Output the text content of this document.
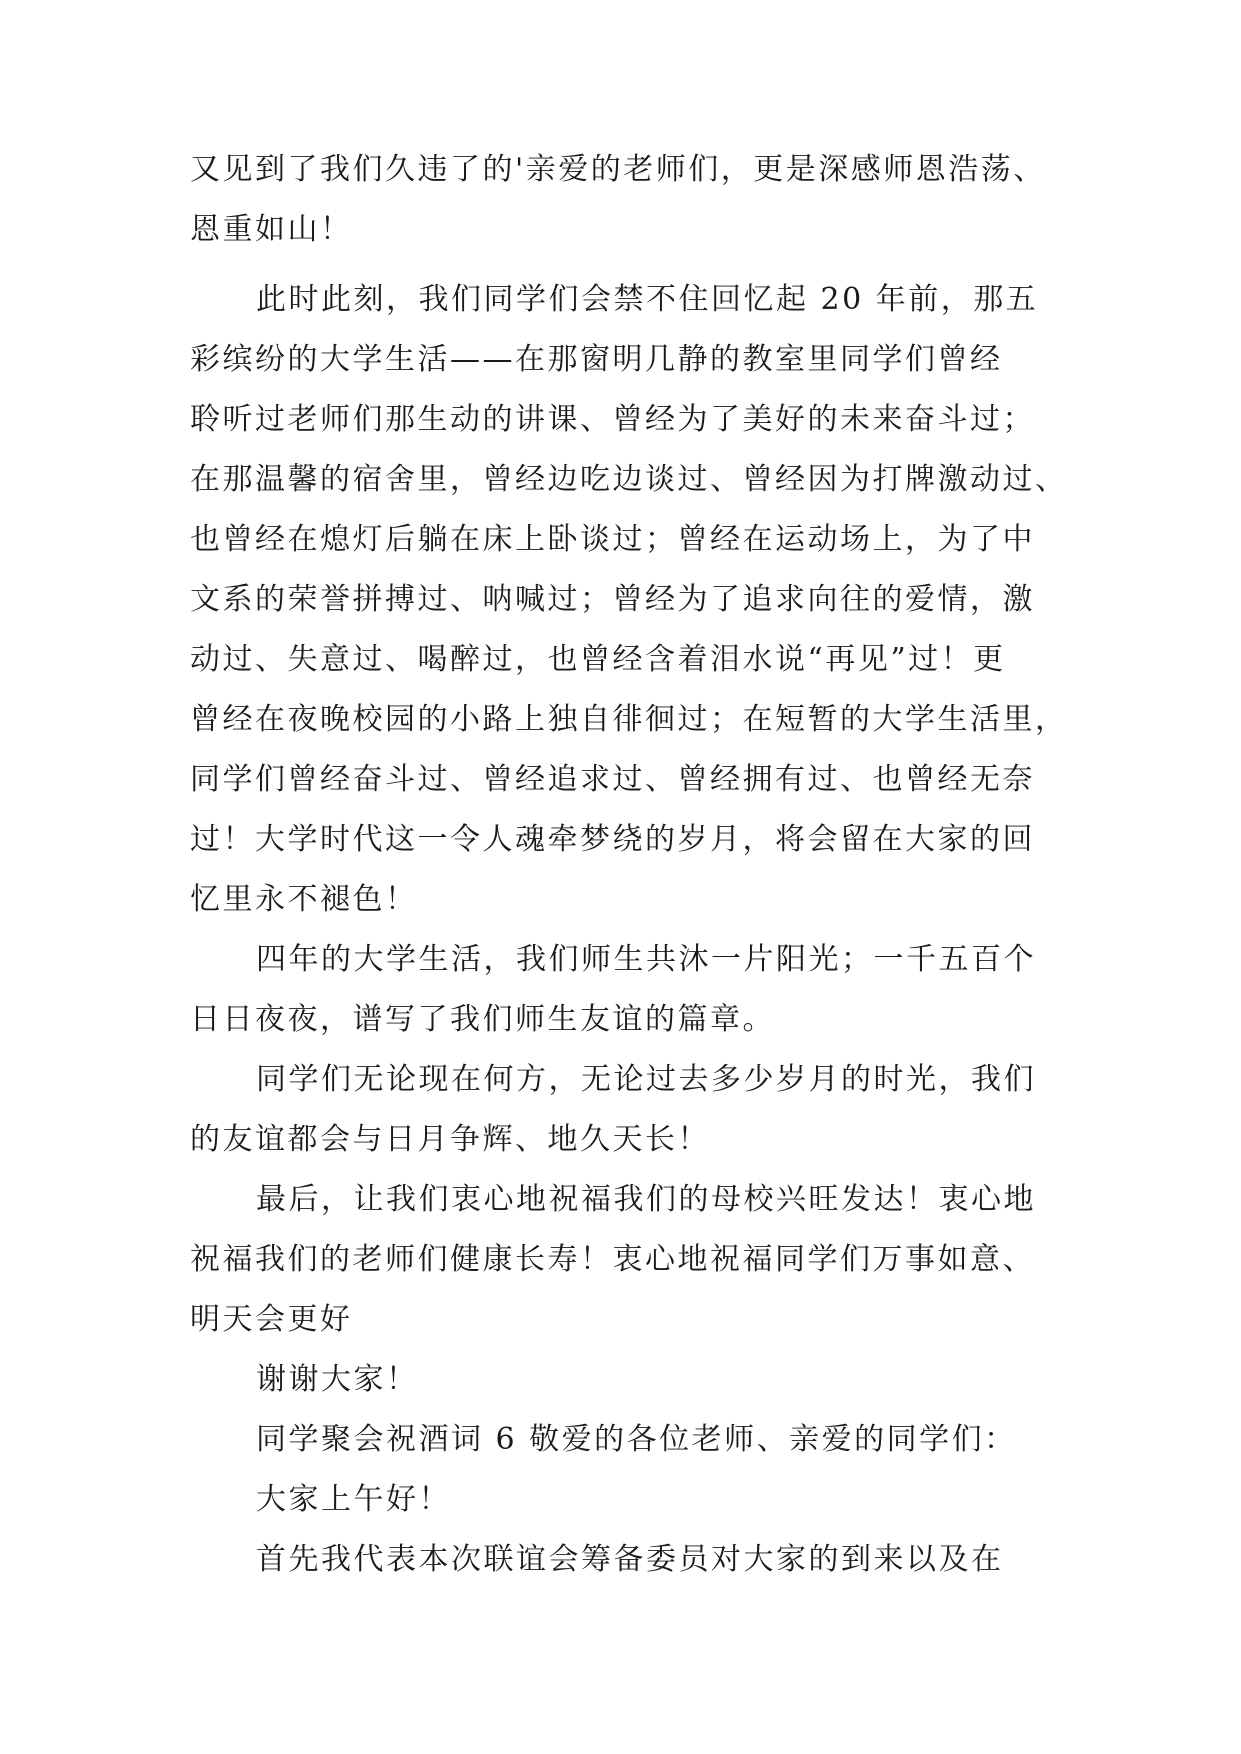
又见到了我们久违了的'亲爱的老师们，更是深感师恩浩荡、
恩重如山！
此时此刻，我们同学们会禁不住回忆起 20 年前，那五
彩缤纷的大学生活——在那窗明几静的教室里同学们曾经
聆听过老师们那生动的讲课、曾经为了美好的未来奋斗过；
在那温馨的宿舍里，曾经边吃边谈过、曾经因为打牌激动过、
也曾经在熄灯后躺在床上卧谈过；曾经在运动场上，为了中
文系的荣誉拼搏过、呐喊过；曾经为了追求向往的爱情，激
动过、失意过、喝醉过，也曾经含着泪水说“再见”过！更
曾经在夜晚校园的小路上独自徘徊过；在短暂的大学生活里，
同学们曾经奋斗过、曾经追求过、曾经拥有过、也曾经无奈
过！大学时代这一令人魂牵梦绕的岁月，将会留在大家的回
忆里永不褪色！
四年的大学生活，我们师生共沐一片阳光；一千五百个
日日夜夜，谱写了我们师生友谊的篇章。
同学们无论现在何方，无论过去多少岁月的时光，我们
的友谊都会与日月争辉、地久天长！
最后，让我们衷心地祝福我们的母校兴旺发达！衷心地
祝福我们的老师们健康长寿！衷心地祝福同学们万事如意、
明天会更好
谢谢大家！
同学聚会祝酒词 6 敬爱的各位老师、亲爱的同学们：
大家上午好！
首先我代表本次联谊会筹备委员对大家的到来以及在
